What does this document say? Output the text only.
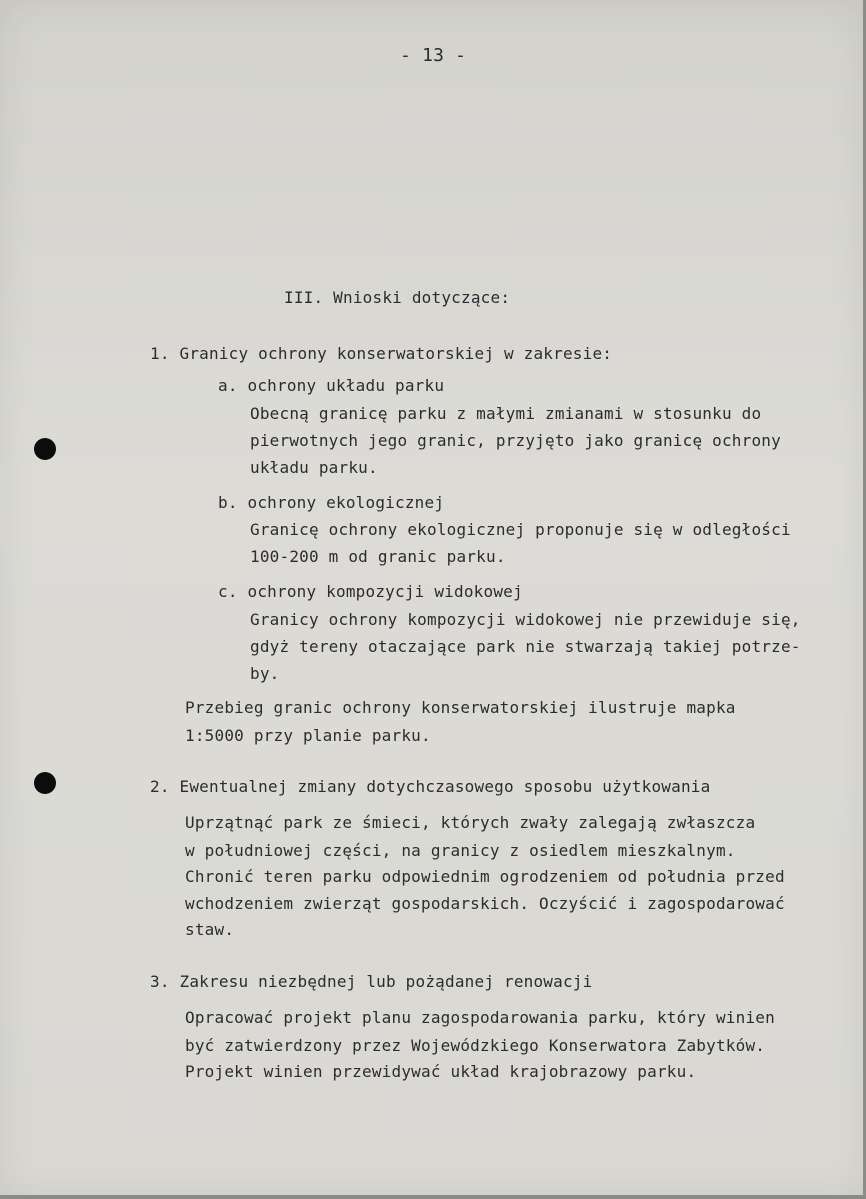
- 13 -
III. Wnioski dotyczące:
1. Granicy ochrony konserwatorskiej w zakresie:
a. ochrony układu parku
Obecną granicę parku z małymi zmianami w stosunku do
pierwotnych jego granic, przyjęto jako granicę ochrony
układu parku.
b. ochrony ekologicznej
Granicę ochrony ekologicznej proponuje się w odległości
100-200 m od granic parku.
c. ochrony kompozycji widokowej
Granicy ochrony kompozycji widokowej nie przewiduje się,
gdyż tereny otaczające park nie stwarzają takiej potrze-
by.
Przebieg granic ochrony konserwatorskiej ilustruje mapka
1:5000 przy planie parku.
2. Ewentualnej zmiany dotychczasowego sposobu użytkowania
Uprzątnąć park ze śmieci, których zwały zalegają zwłaszcza
w południowej części, na granicy z osiedlem mieszkalnym.
Chronić teren parku odpowiednim ogrodzeniem od południa przed
wchodzeniem zwierząt gospodarskich. Oczyścić i zagospodarować
staw.
3. Zakresu niezbędnej lub pożądanej renowacji
Opracować projekt planu zagospodarowania parku, który winien
być zatwierdzony przez Wojewódzkiego Konserwatora Zabytków.
Projekt winien przewidywać układ krajobrazowy parku.
